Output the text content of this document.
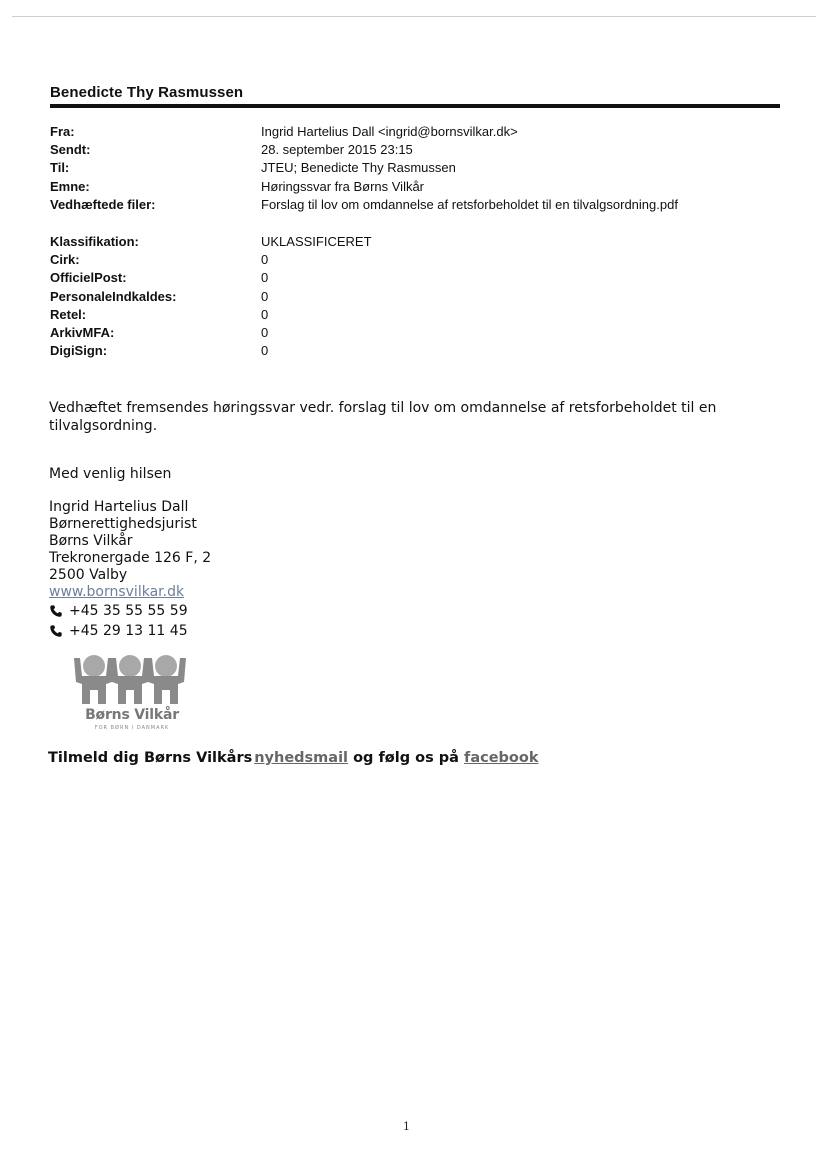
Benedicte Thy Rasmussen
Fra:	Ingrid Hartelius Dall <ingrid@bornsvilkar.dk>
Sendt:	28. september 2015 23:15
Til:	JTEU; Benedicte Thy Rasmussen
Emne:	Høringssvar fra Børns Vilkår
Vedhæftede filer:	Forslag til lov om omdannelse af retsforbeholdet til en tilvalgsordning.pdf
Klassifikation:	UKLASSIFICERET
Cirk:	0
OfficielPost:	0
PersonaleIndkaldes:	0
Retel:	0
ArkivMFA:	0
DigiSign:	0
Vedhæftet fremsendes høringssvar vedr. forslag til lov om omdannelse af retsforbeholdet til en tilvalgsordning.
Med venlig hilsen
Ingrid Hartelius Dall
Børnerettighedsjurist
Børns Vilkår
Trekronergade 126 F, 2
2500 Valby
www.bornsvilkar.dk
+45 35 55 55 59
+45 29 13 11 45
Børns Vilkår
FOR BØRN I DANMARK
Tilmeld dig Børns Vilkårs nyhedsmail og følg os på facebook
1
